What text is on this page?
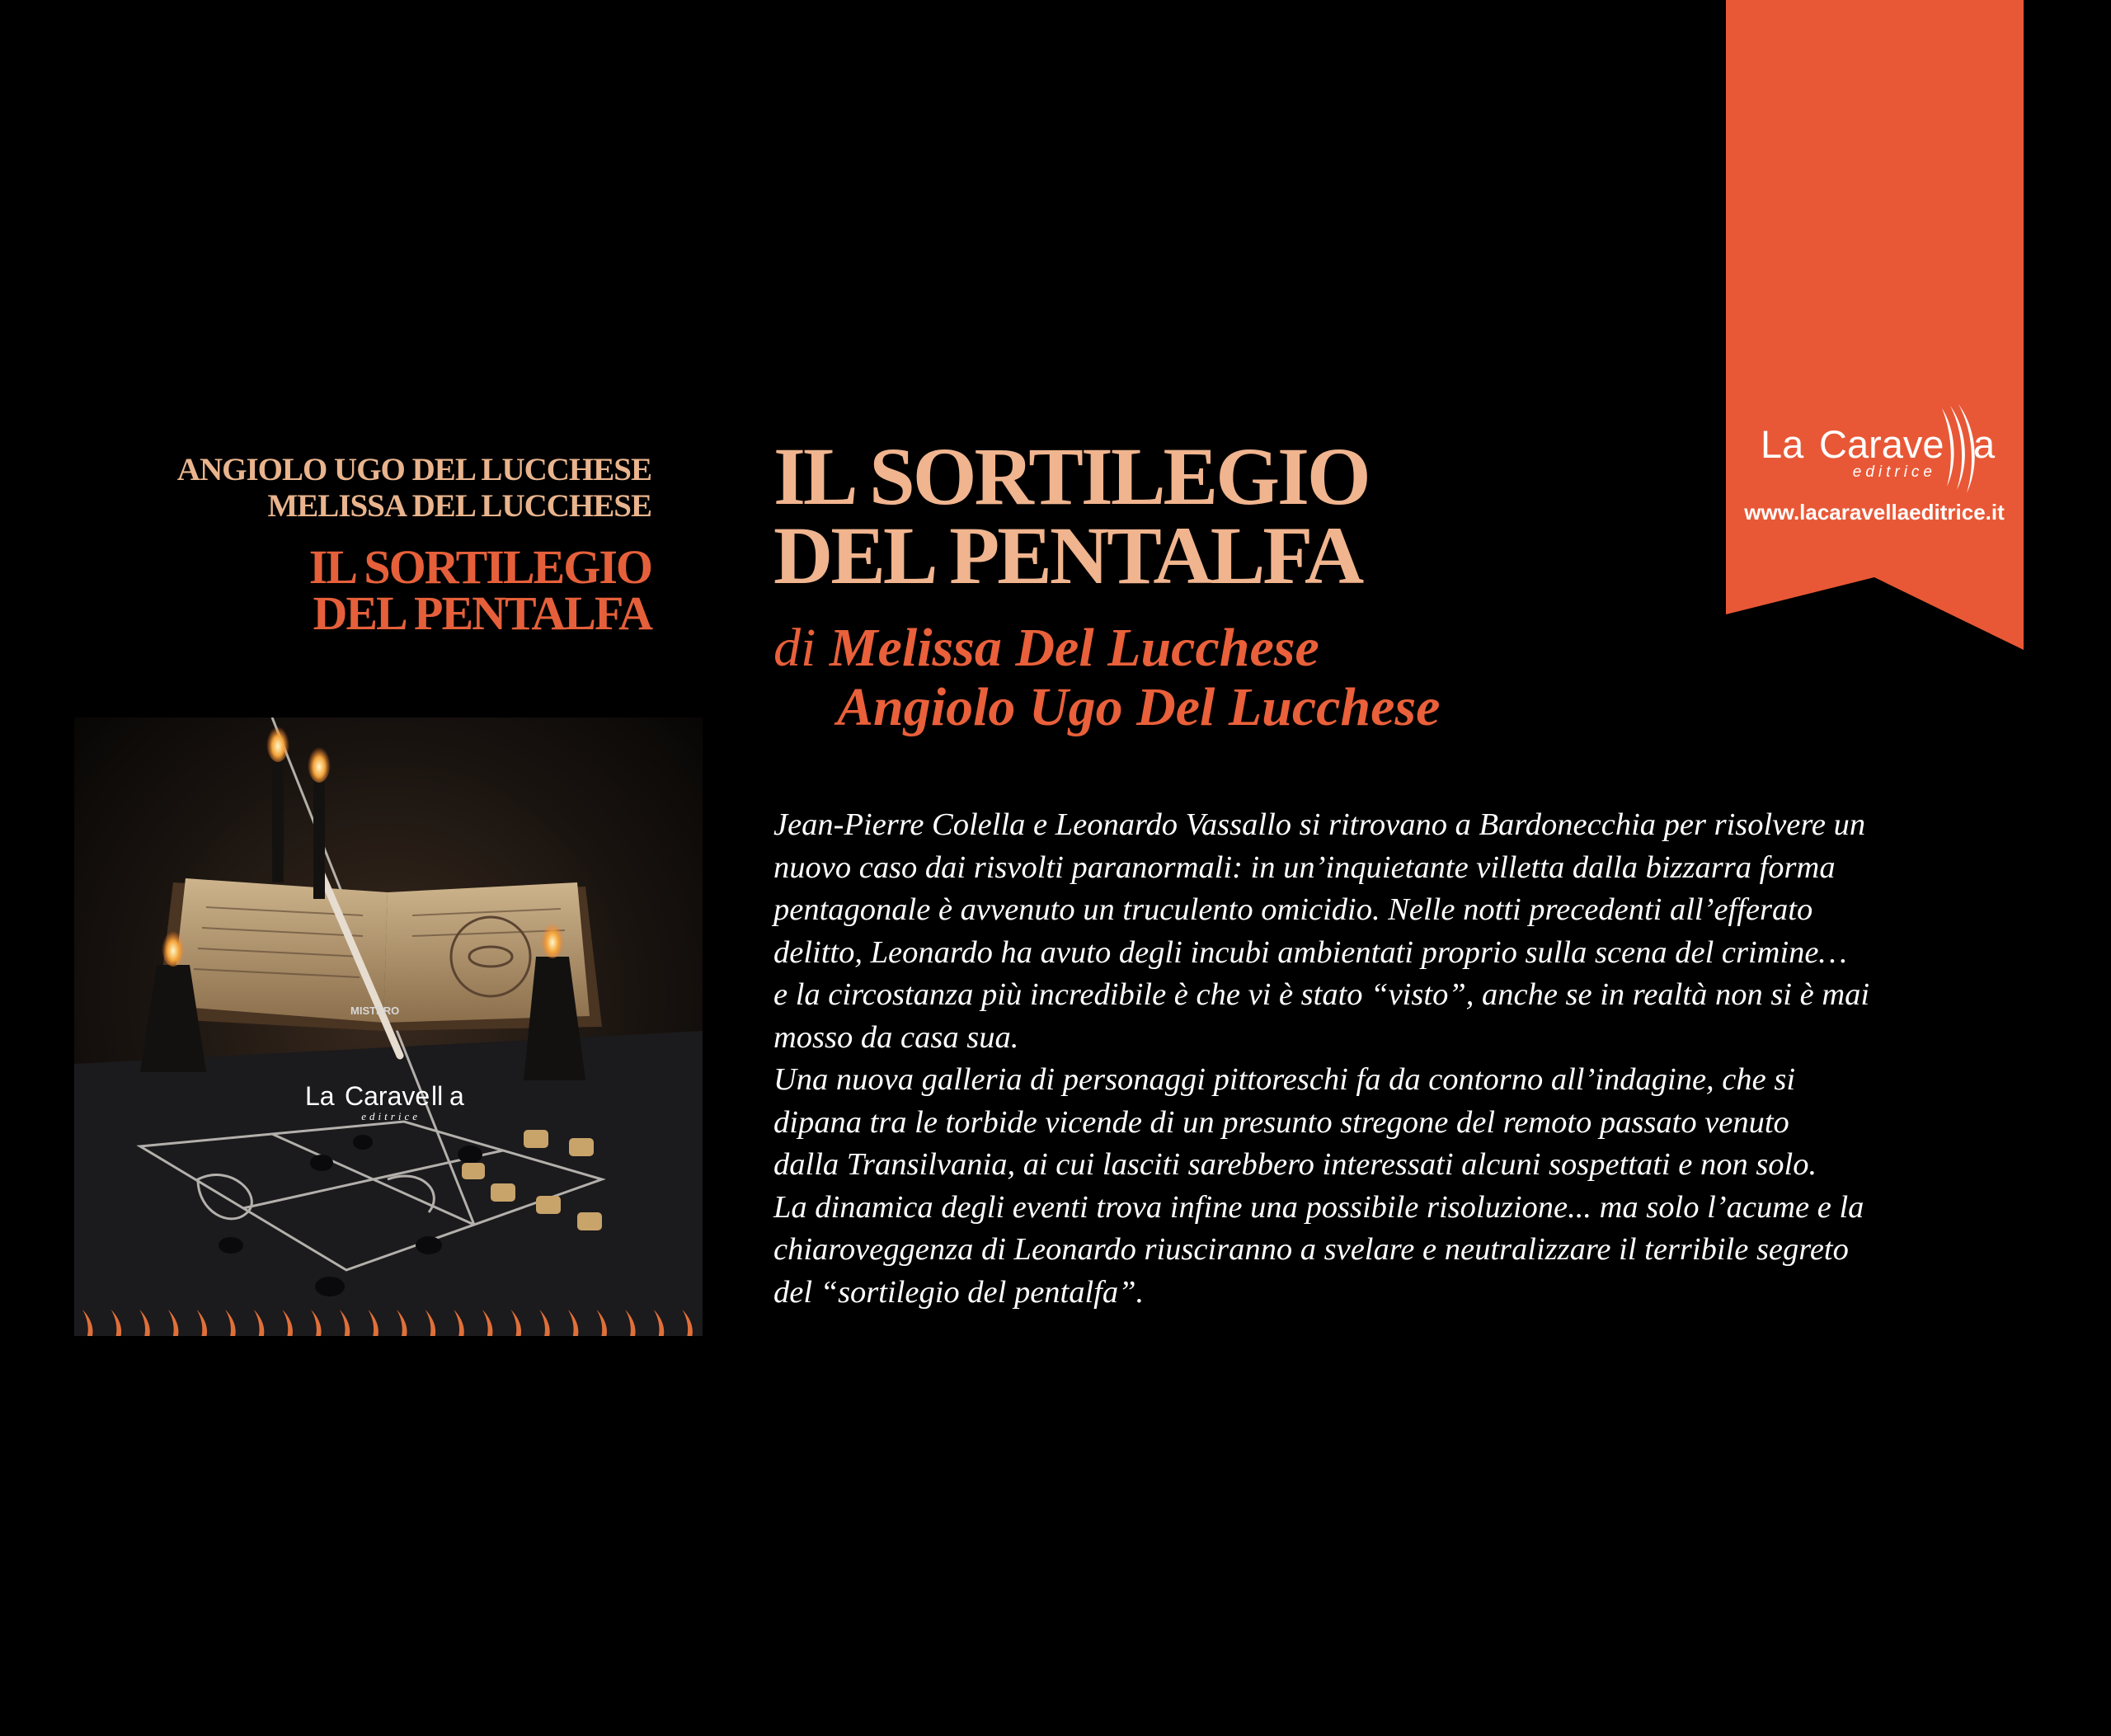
La Carave a
editrice
www.lacaravellaeditrice.it
ANGIOLO UGO DEL LUCCHESE
MELISSA DEL LUCCHESE
IL SORTILEGIO
DEL PENTALFA
MISTERO
La Carave ll a
editrice
IL SORTILEGIO
DEL PENTALFA
di Melissa Del Lucchese
Angiolo Ugo Del Lucchese

Jean-Pierre Colella e Leonardo Vassallo si ritrovano a Bardonecchia per risolvere un
nuovo caso dai risvolti paranormali: in un’inquietante villetta dalla bizzarra forma
pentagonale è avvenuto un truculento omicidio. Nelle notti precedenti all’efferato
delitto, Leonardo ha avuto degli incubi ambientati proprio sulla scena del crimine…
e la circostanza più incredibile è che vi è stato “visto”, anche se in realtà non si è mai
mosso da casa sua.

Una nuova galleria di personaggi pittoreschi fa da contorno all’indagine, che si
dipana tra le torbide vicende di un presunto stregone del remoto passato venuto
dalla Transilvania, ai cui lasciti sarebbero interessati alcuni sospettati e non solo.

La dinamica degli eventi trova infine una possibile risoluzione... ma solo l’acume e la
chiaroveggenza di Leonardo riusciranno a svelare e neutralizzare il terribile segreto
del “sortilegio del pentalfa”.
